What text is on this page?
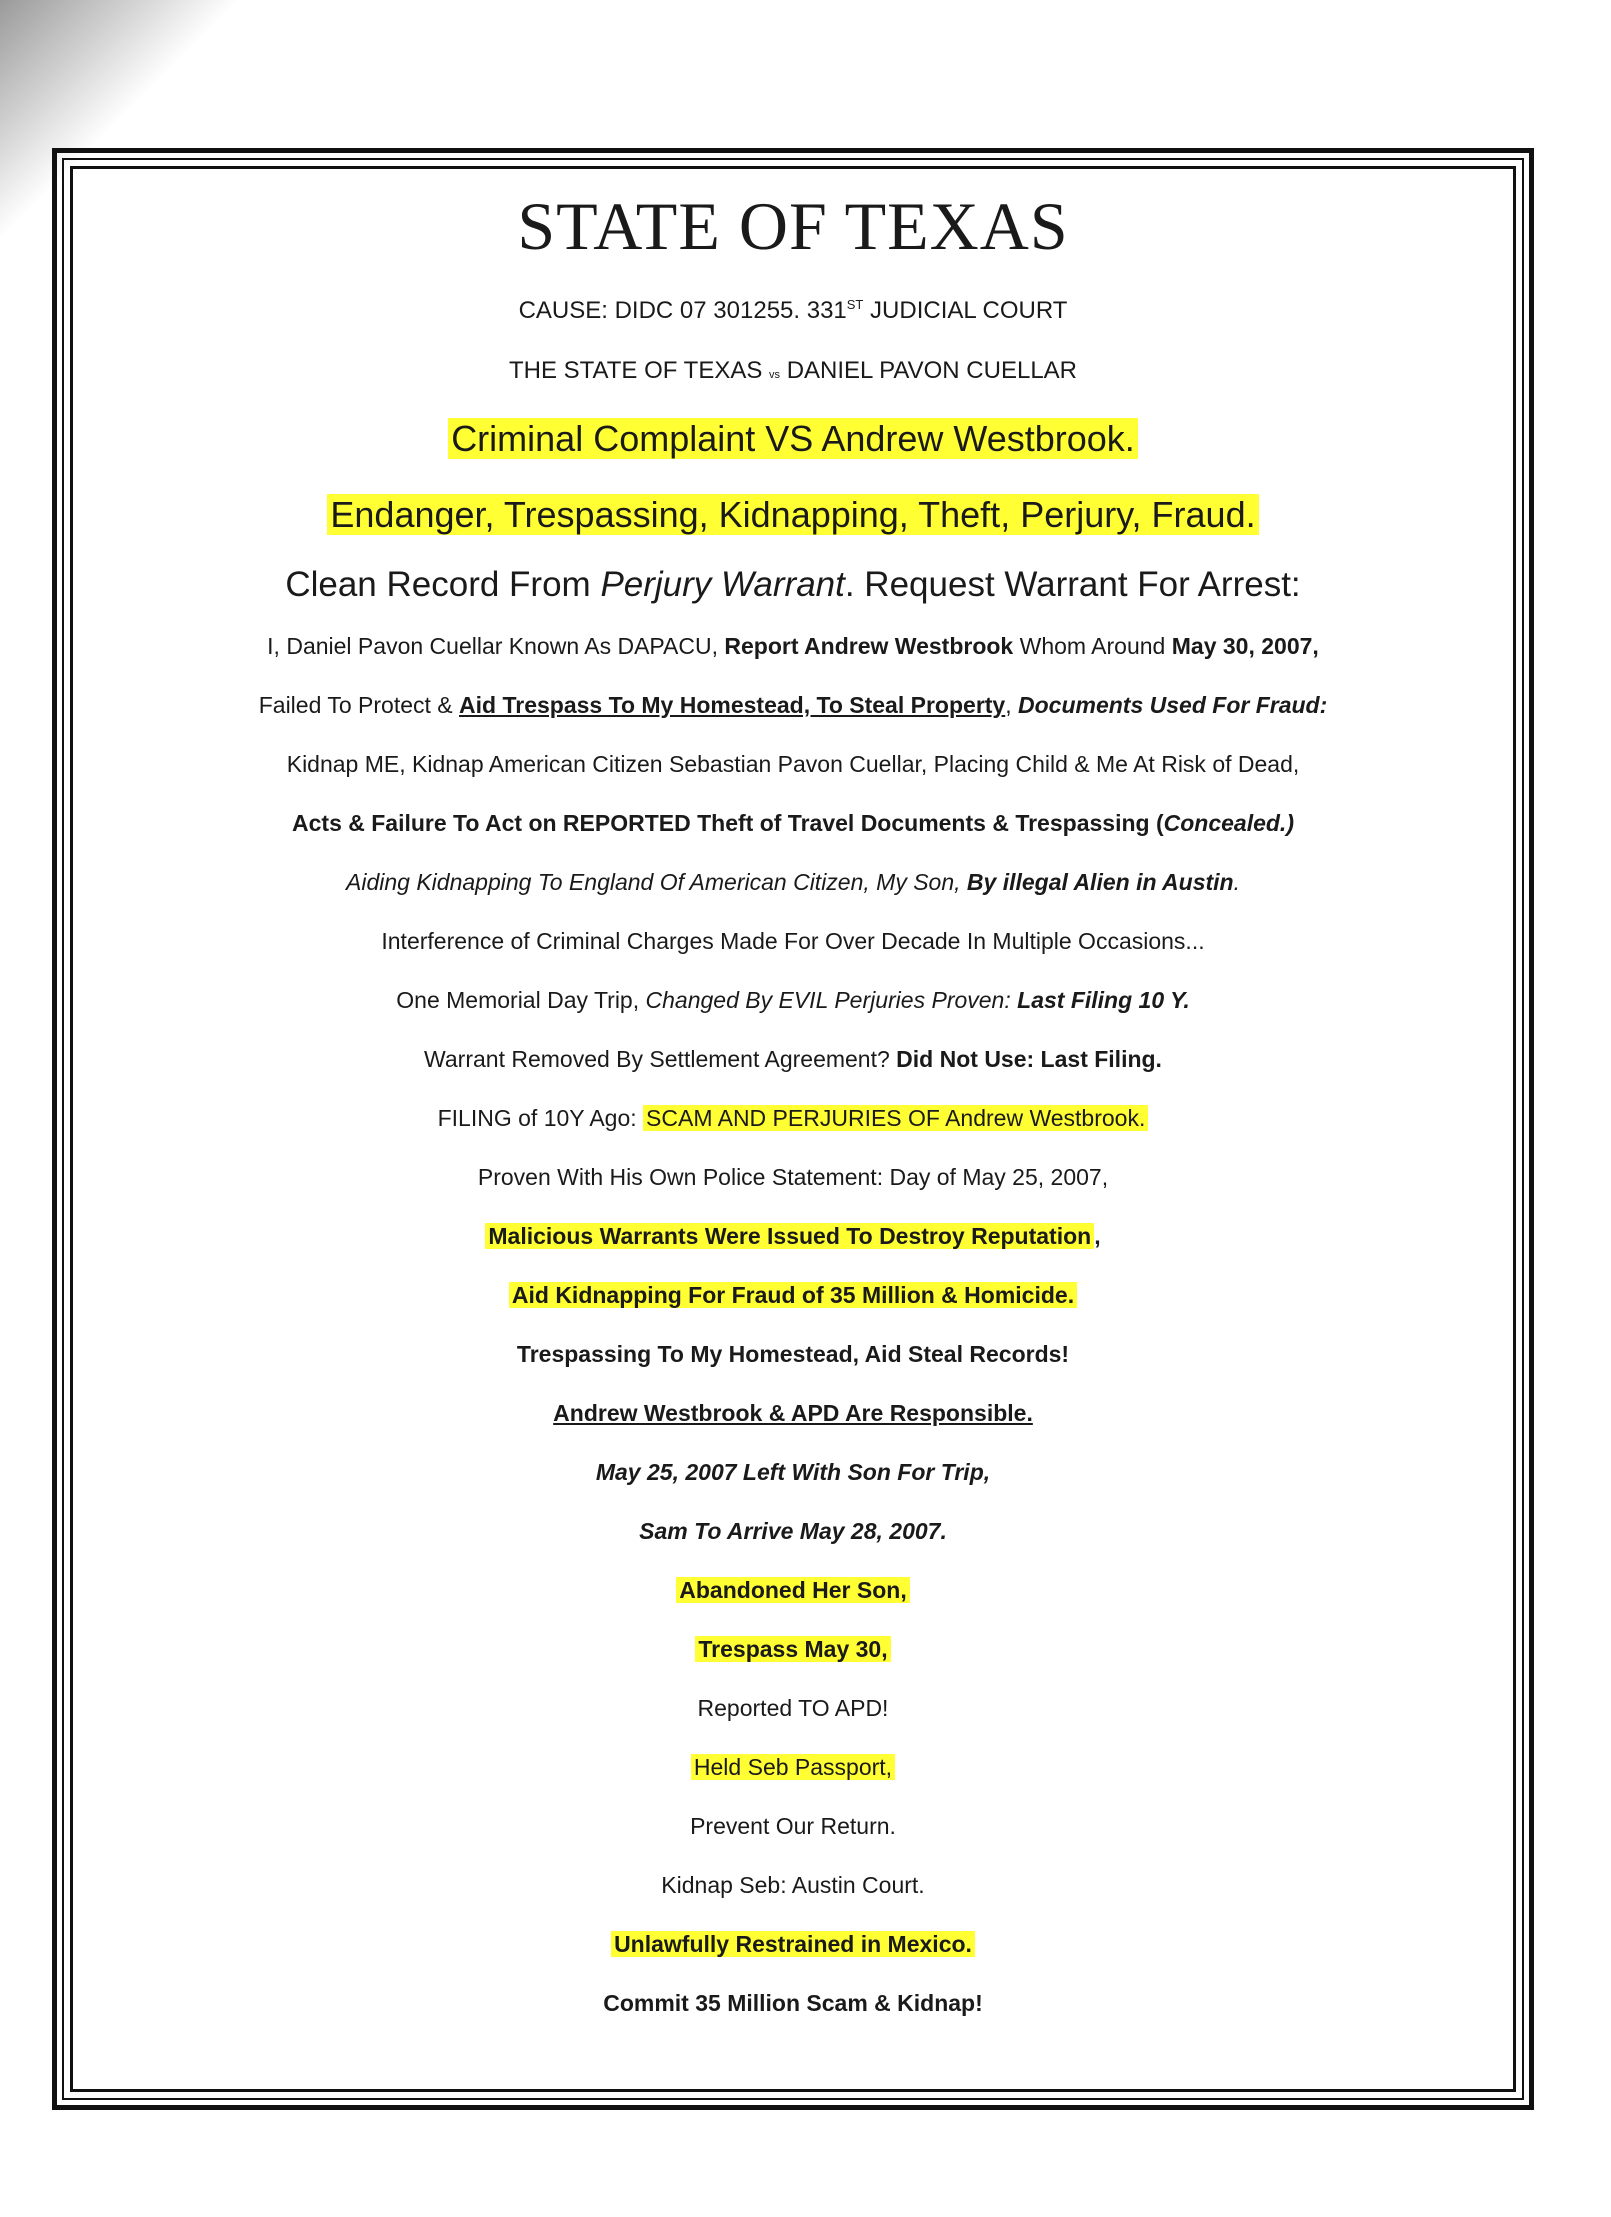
STATE OF TEXAS
CAUSE: DIDC 07 301255. 331ST JUDICIAL COURT
THE STATE OF TEXAS vs DANIEL PAVON CUELLAR
Criminal Complaint VS Andrew Westbrook.
Endanger, Trespassing, Kidnapping, Theft, Perjury, Fraud.
Clean Record From Perjury Warrant. Request Warrant For Arrest:
I, Daniel Pavon Cuellar Known As DAPACU, Report Andrew Westbrook Whom Around May 30, 2007,
Failed To Protect & Aid Trespass To My Homestead, To Steal Property, Documents Used For Fraud:
Kidnap ME, Kidnap American Citizen Sebastian Pavon Cuellar, Placing Child & Me At Risk of Dead,
Acts & Failure To Act on REPORTED Theft of Travel Documents & Trespassing (Concealed.)
Aiding Kidnapping To England Of American Citizen, My Son, By illegal Alien in Austin.
Interference of Criminal Charges Made For Over Decade In Multiple Occasions...
One Memorial Day Trip, Changed By EVIL Perjuries Proven: Last Filing 10 Y.
Warrant Removed By Settlement Agreement? Did Not Use: Last Filing.
FILING of 10Y Ago: SCAM AND PERJURIES OF Andrew Westbrook.
Proven With His Own Police Statement: Day of May 25, 2007,
Malicious Warrants Were Issued To Destroy Reputation ,
Aid Kidnapping For Fraud of 35 Million & Homicide.
Trespassing To My Homestead, Aid Steal Records!
Andrew Westbrook & APD Are Responsible.
May 25, 2007 Left With Son For Trip,
Sam To Arrive May 28, 2007.
Abandoned Her Son,
Trespass May 30,
Reported TO APD!
Held Seb Passport,
Prevent Our Return.
Kidnap Seb: Austin Court.
Unlawfully Restrained in Mexico.
Commit 35 Million Scam & Kidnap!
